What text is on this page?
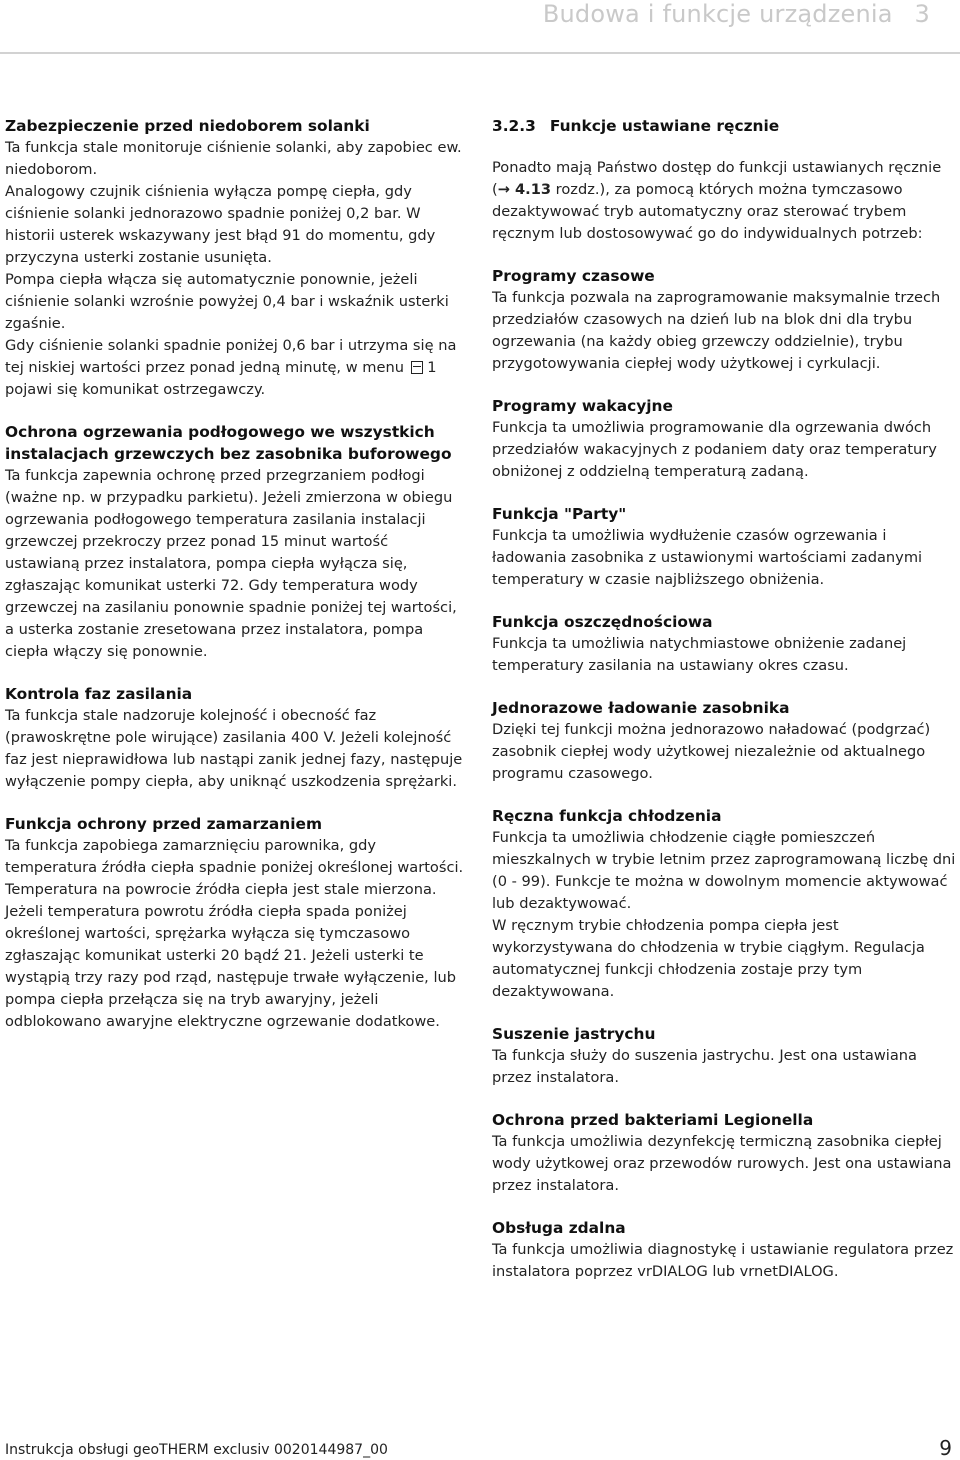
Budowa i funkcje urządzenia 3
Zabezpieczenie przed niedoborem solanki

Ta funkcja stale monitoruje ciśnienie solanki, aby zapobiec ew. niedoborom.

Analogowy czujnik ciśnienia wyłącza pompę ciepła, gdy ciśnienie solanki jednorazowo spadnie poniżej 0,2 bar. W historii usterek wskazywany jest błąd 91 do momentu, gdy przyczyna usterki zostanie usunięta.

Pompa ciepła włącza się automatycznie ponownie, jeżeli ciśnienie solanki wzrośnie powyżej 0,4 bar i wskaźnik usterki zgaśnie.

Gdy ciśnienie solanki spadnie poniżej 0,6 bar i utrzyma się na tej niskiej wartości przez ponad jedną minutę, w menu 1 pojawi się komunikat ostrzegawczy.

Ochrona ogrzewania podłogowego we wszystkich instalacjach grzewczych bez zasobnika buforowego

Ta funkcja zapewnia ochronę przed przegrzaniem podłogi (ważne np. w przypadku parkietu). Jeżeli zmierzona w obiegu ogrzewania podłogowego temperatura zasilania instalacji grzewczej przekroczy przez ponad 15 minut wartość ustawianą przez instalatora, pompa ciepła wyłącza się, zgłaszając komunikat usterki 72. Gdy temperatura wody grzewczej na zasilaniu ponownie spadnie poniżej tej wartości, a usterka zostanie zresetowana przez instalatora, pompa ciepła włączy się ponownie.

Kontrola faz zasilania

Ta funkcja stale nadzoruje kolejność i obecność faz (prawoskrętne pole wirujące) zasilania 400 V. Jeżeli kolejność faz jest nieprawidłowa lub nastąpi zanik jednej fazy, następuje wyłączenie pompy ciepła, aby uniknąć uszkodzenia sprężarki.

Funkcja ochrony przed zamarzaniem

Ta funkcja zapobiega zamarznięciu parownika, gdy temperatura źródła ciepła spadnie poniżej określonej wartości.

Temperatura na powrocie źródła ciepła jest stale mierzona. Jeżeli temperatura powrotu źródła ciepła spada poniżej określonej wartości, sprężarka wyłącza się tymczasowo zgłaszając komunikat usterki 20 bądź 21. Jeżeli usterki te wystąpią trzy razy pod rząd, następuje trwałe wyłączenie, lub pompa ciepła przełącza się na tryb awaryjny, jeżeli odblokowano awaryjne elektryczne ogrzewanie dodatkowe.

3.2.3 Funkcje ustawiane ręcznie

Ponadto mają Państwo dostęp do funkcji ustawianych ręcznie (→ 4.13 rozdz.), za pomocą których można tymczasowo dezaktywować tryb automatyczny oraz sterować trybem ręcznym lub dostosowywać go do indywidualnych potrzeb:

Programy czasowe

Ta funkcja pozwala na zaprogramowanie maksymalnie trzech przedziałów czasowych na dzień lub na blok dni dla trybu ogrzewania (na każdy obieg grzewczy oddzielnie), trybu przygotowywania ciepłej wody użytkowej i cyrkulacji.

Programy wakacyjne

Funkcja ta umożliwia programowanie dla ogrzewania dwóch przedziałów wakacyjnych z podaniem daty oraz temperatury obniżonej z oddzielną temperaturą zadaną.

Funkcja "Party"

Funkcja ta umożliwia wydłużenie czasów ogrzewania i ładowania zasobnika z ustawionymi wartościami zadanymi temperatury w czasie najbliższego obniżenia.

Funkcja oszczędnościowa

Funkcja ta umożliwia natychmiastowe obniżenie zadanej temperatury zasilania na ustawiany okres czasu.

Jednorazowe ładowanie zasobnika

Dzięki tej funkcji można jednorazowo naładować (podgrzać) zasobnik ciepłej wody użytkowej niezależnie od aktualnego programu czasowego.

Ręczna funkcja chłodzenia

Funkcja ta umożliwia chłodzenie ciągłe pomieszczeń mieszkalnych w trybie letnim przez zaprogramowaną liczbę dni (0 - 99). Funkcje te można w dowolnym momencie aktywować lub dezaktywować.

W ręcznym trybie chłodzenia pompa ciepła jest wykorzystywana do chłodzenia w trybie ciągłym. Regulacja automatycznej funkcji chłodzenia zostaje przy tym dezaktywowana.

Suszenie jastrychu

Ta funkcja służy do suszenia jastrychu. Jest ona ustawiana przez instalatora.

Ochrona przed bakteriami Legionella

Ta funkcja umożliwia dezynfekcję termiczną zasobnika ciepłej wody użytkowej oraz przewodów rurowych. Jest ona ustawiana przez instalatora.

Obsługa zdalna

Ta funkcja umożliwia diagnostykę i ustawianie regulatora przez instalatora poprzez vrDIALOG lub vrnetDIALOG.

Instrukcja obsługi geoTHERM exclusiv 0020144987_00	9
